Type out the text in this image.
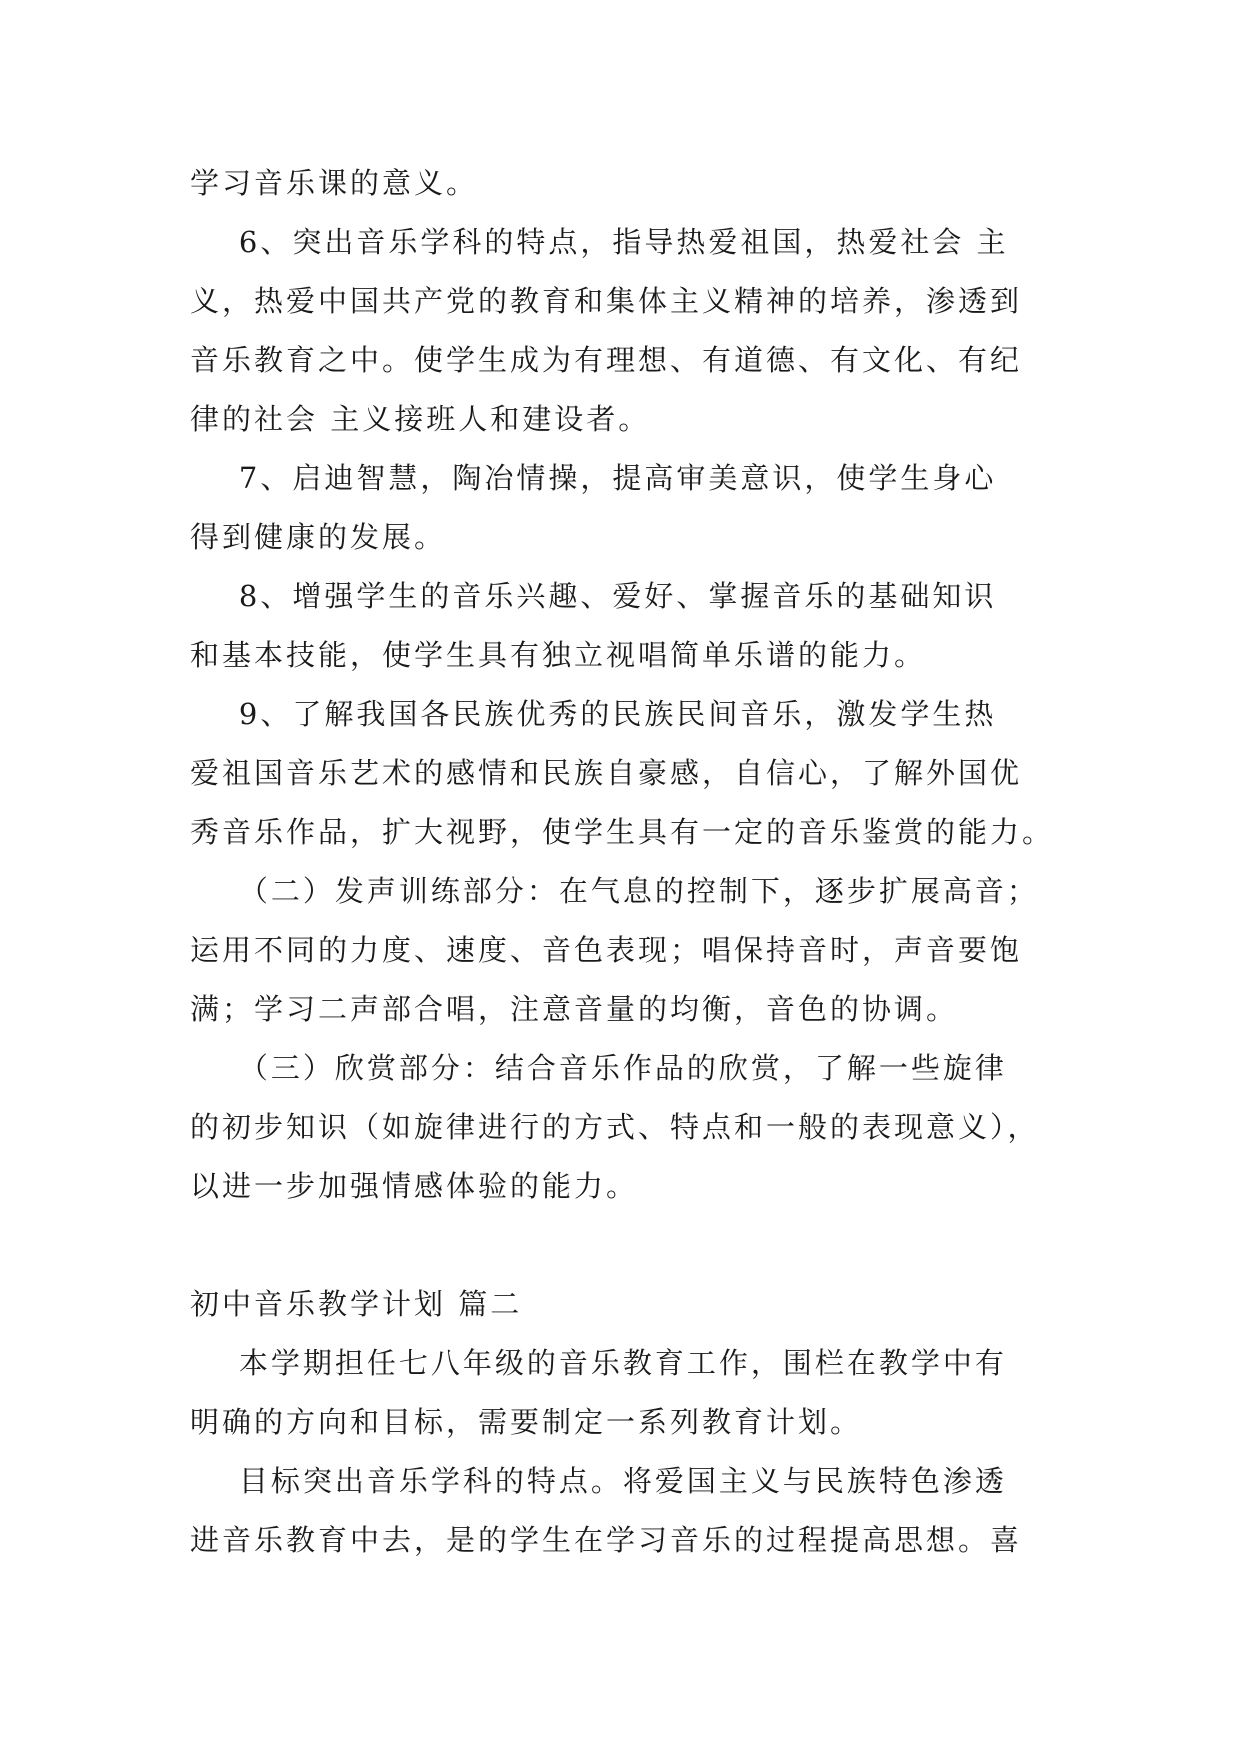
学习音乐课的意义。
6、突出音乐学科的特点，指导热爱祖国，热爱社会 主
义，热爱中国共产党的教育和集体主义精神的培养，渗透到
音乐教育之中。使学生成为有理想、有道德、有文化、有纪
律的社会 主义接班人和建设者。
7、启迪智慧，陶冶情操，提高审美意识，使学生身心
得到健康的发展。
8、增强学生的音乐兴趣、爱好、掌握音乐的基础知识
和基本技能，使学生具有独立视唱简单乐谱的能力。
9、了解我国各民族优秀的民族民间音乐，激发学生热
爱祖国音乐艺术的感情和民族自豪感，自信心，了解外国优
秀音乐作品，扩大视野，使学生具有一定的音乐鉴赏的能力。
（二）发声训练部分：在气息的控制下，逐步扩展高音；
运用不同的力度、速度、音色表现；唱保持音时，声音要饱
满；学习二声部合唱，注意音量的均衡，音色的协调。
（三）欣赏部分：结合音乐作品的欣赏，了解一些旋律
的初步知识（如旋律进行的方式、特点和一般的表现意义），
以进一步加强情感体验的能力。
初中音乐教学计划 篇二
本学期担任七八年级的音乐教育工作，围栏在教学中有
明确的方向和目标，需要制定一系列教育计划。
目标突出音乐学科的特点。将爱国主义与民族特色渗透
进音乐教育中去，是的学生在学习音乐的过程提高思想。喜
